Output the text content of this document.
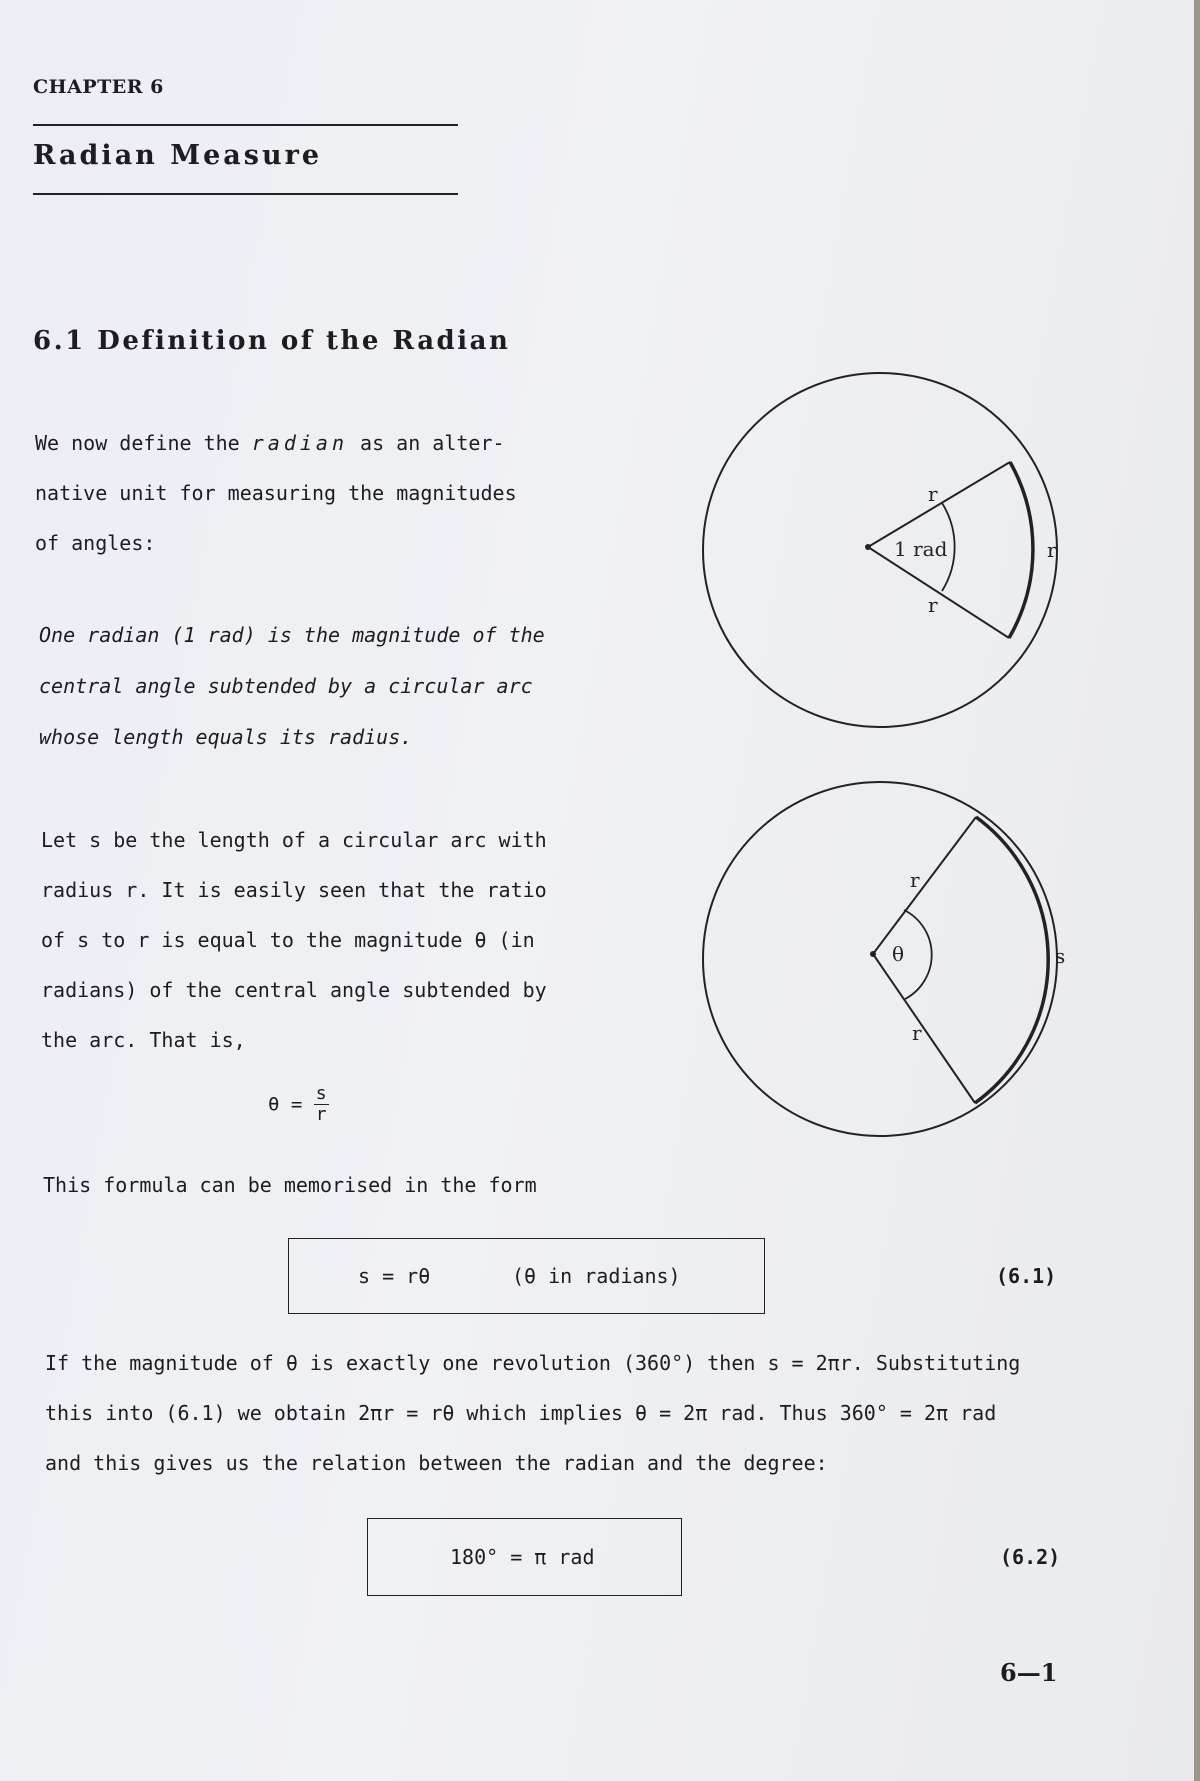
CHAPTER 6
Radian Measure
6.1 Definition of the Radian
We now define the radian as an alter-
native unit for measuring the magnitudes
of angles:
One radian (1 rad) is the magnitude of the
central angle subtended by a circular arc
whose length equals its radius.
Let s be the length of a circular arc with
radius r. It is easily seen that the ratio
of s to r is equal to the magnitude θ (in
radians) of the central angle subtended by
the arc. That is,
$\theta = \frac{s}{r}$
This formula can be memorised in the form
s = rθ	(θ in radians)	(6.1)
If the magnitude of θ is exactly one revolution (360°) then s = 2πr. Substituting
this into (6.1) we obtain 2πr = rθ which implies θ = 2π rad. Thus 360° = 2π rad
and this gives us the relation between the radian and the degree:
180° = π rad	(6.2)
6—1
r
r
r
1 rad
r
r
s
θ
